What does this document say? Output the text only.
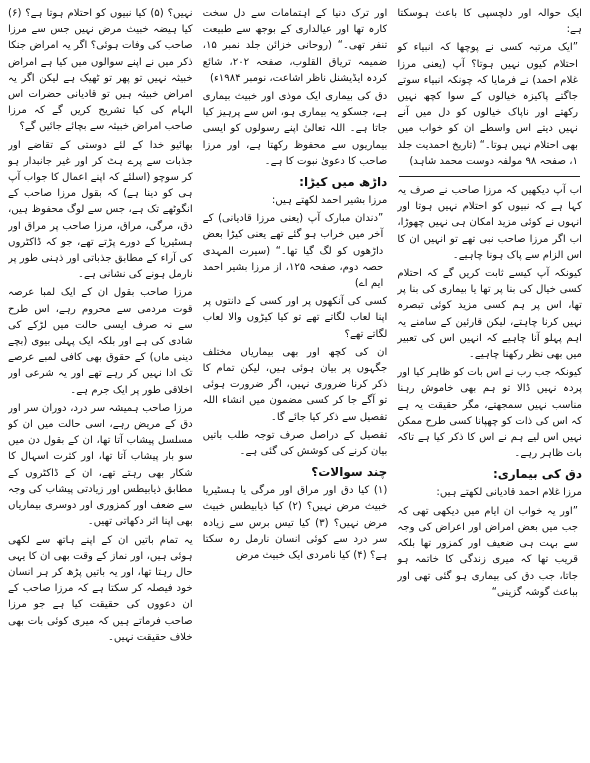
ایک حوالہ اور دلچسپی کا باعث ہوسکتا ہے:

”ایک مرتبہ کسی نے پوچھا کہ انبیاء کو احتلام کیوں نہیں ہوتا؟ آپ (یعنی مرزا غلام احمد) نے فرمایا کہ چونکہ انبیاء سوتے جاگتے پاکیزہ خیالوں کے سوا کچھ نہیں رکھتے اور ناپاک خیالوں کو دل میں آنے نہیں دیتے اس واسطے ان کو خواب میں بھی احتلام نہیں ہوتا۔“ (تاریخ احمدیت جلد ۱، صفحہ ۹۸ مولفہ دوست محمد شاہد)

اب آپ دیکھیں کہ مرزا صاحب نے صرف یہ کہا ہے کہ نبیوں کو احتلام نہیں ہوتا اور انہوں نے کوئی مزید امکان ہی نہیں چھوڑا، اب اگر مرزا صاحب نبی تھے تو انہیں ان کا اس الزام سے پاک ہونا چاہیے۔

کیونکہ آپ کیسے ثابت کریں گے کہ احتلام کسی خیال کی بنا پر تھا یا بیماری کی بنا پر تھا، اس پر ہم کسی مزید کوئی تبصرہ نہیں کرنا چاہتے، لیکن قارئین کے سامنے یہ اہم پہلو آنا چاہیے کہ انہیں اس کی تعبیر میں بھی نظر رکھنا چاہیے۔

کیونکہ جب رب نے اس بات کو ظاہر کیا اور پردہ نہیں ڈالا تو ہم بھی خاموش رہنا مناسب نہیں سمجھتے، مگر حقیقت یہ ہے کہ اس کی ذات کو چھپانا کسی طرح ممکن نہیں اس لیے ہم نے اس کا ذکر کیا ہے تاکہ بات ظاہر رہے۔

دق کی بیماری:

مرزا غلام احمد قادیانی لکھتے ہیں:

”اور یہ خواب ان ایام میں دیکھی تھی کہ جب میں بعض امراض اور اعراض کی وجہ سے بہت ہی ضعیف اور کمزور تھا بلکہ قریب تھا کہ میری زندگی کا خاتمہ ہو جاتا، جب دق کی بیماری ہو گئی تھی اور بباعث گوشہ گزینی“

اور ترک دنیا کے اہتمامات سے دل سخت کارہ تھا اور عیالداری کے بوجھ سے طبیعت تنفر تھی۔“ (روحانی خزائن جلد نمبر ۱۵، ضمیمہ تریاق القلوب، صفحہ ۲۰۲، شائع کردہ ایڈیشنل ناظر اشاعت، نومبر ۱۹۸۴ء)

دق کی بیماری ایک موذی اور خبیث بیماری ہے، جسکو یہ بیماری ہو، اس سے پرہیز کیا جاتا ہے۔ اللہ تعالیٰ اپنے رسولوں کو ایسی بیماریوں سے محفوظ رکھتا ہے، اور مرزا صاحب کا دعویٰ نبوت کا ہے۔

داڑھ میں کیڑا:

مرزا بشیر احمد لکھتے ہیں:

”دندان مبارک آپ (یعنی مرزا قادیانی) کے آخر میں خراب ہو گئے تھے یعنی کیڑا بعض داڑھوں کو لگ گیا تھا۔“ (سیرت المہدی حصہ دوم، صفحہ ۱۲۵، از مرزا بشیر احمد ایم اے)

کسی کی آنکھوں پر اور کسی کے دانتوں پر اپنا لعاب لگاتے تھے تو کیا کیڑوں والا لعاب لگاتے تھے؟

ان کی کچھ اور بھی بیماریاں مختلف جگہوں پر بیان ہوئی ہیں، لیکن تمام کا ذکر کرنا ضروری نہیں، اگر ضرورت ہوئی تو آگے جا کر کسی مضمون میں انشاء اللہ تفصیل سے ذکر کیا جائے گا۔

تفصیل کے دراصل صرف توجہ طلب باتیں بیان کرنے کی کوشش کی گئی ہے۔

چند سوالات؟

(۱) کیا دق اور مراق اور مرگی یا ہسٹیریا خبیث مرض نہیں؟ (۲) کیا ذیابیطس خبیث مرض نہیں؟ (۳) کیا تیس برس سے زیادہ سر درد سے کوئی انسان نارمل رہ سکتا ہے؟ (۴) کیا نامردی ایک خبیث مرض

نہیں؟ (۵) کیا نبیوں کو احتلام ہوتا ہے؟ (۶) کیا ہیضہ خبیث مرض نہیں جس سے مرزا صاحب کی وفات ہوئی؟ اگر یہ امراض جنکا ذکر میں نے اپنے سوالوں میں کیا ہے امراض خبیثہ نہیں تو پھر تو ٹھیک ہے لیکن اگر یہ امراض خبیثہ ہیں تو قادیانی حضرات اس الہام کی کیا تشریح کریں گے کہ مرزا صاحب امراض خبیثہ سے بچائے جائیں گے؟

بھائیو خدا کے لئے دوستی کے تقاضے اور جذبات سے پرے ہٹ کر اور غیر جانبدار ہو کر سوچو (اسلئے کہ اپنے اعمال کا جواب آپ ہی کو دینا ہے) کہ بقول مرزا صاحب کے انگوٹھے تک ہے، جس سے لوگ محفوظ ہیں، دق، مرگی، مراق، مرزا صاحب پر مراق اور ہسٹیریا کے دورے پڑتے تھے، جو کہ ڈاکٹروں کی آراء کے مطابق جذباتی اور ذہنی طور پر نارمل ہونے کی نشانی ہے۔

مرزا صاحب بقول ان کے ایک لمبا عرصہ قوت مردمی سے محروم رہے، اس طرح سے نہ صرف ایسی حالت میں لڑکے کی شادی کی ہے اور بلکہ ایک پہلی بیوی (بچے دینی ماں) کے حقوق بھی کافی لمبے عرصے تک ادا نہیں کر رہے تھے اور یہ شرعی اور اخلاقی طور پر ایک جرم ہے۔

مرزا صاحب ہمیشہ سر درد، دوران سر اور دق کے مریض رہے، اسی حالت میں ان کو مسلسل پیشاب آتا تھا، ان کے بقول دن میں سو بار پیشاب آتا تھا، اور کثرت اسہال کا شکار بھی رہتے تھے، ان کے ڈاکٹروں کے مطابق ذیابیطس اور زیادتی پیشاب کی وجہ سے ضعف اور کمزوری اور دوسری بیماریاں بھی اپنا اثر دکھاتی تھیں۔

یہ تمام باتیں ان کے اپنے ہاتھ سے لکھی ہوئی ہیں، اور نماز کے وقت بھی ان کا یہی حال رہتا تھا، اور یہ باتیں پڑھ کر ہر انسان خود فیصلہ کر سکتا ہے کہ مرزا صاحب کے ان دعووں کی حقیقت کیا ہے جو مرزا صاحب فرماتے ہیں کہ میری کوئی بات بھی خلاف حقیقت نہیں۔
